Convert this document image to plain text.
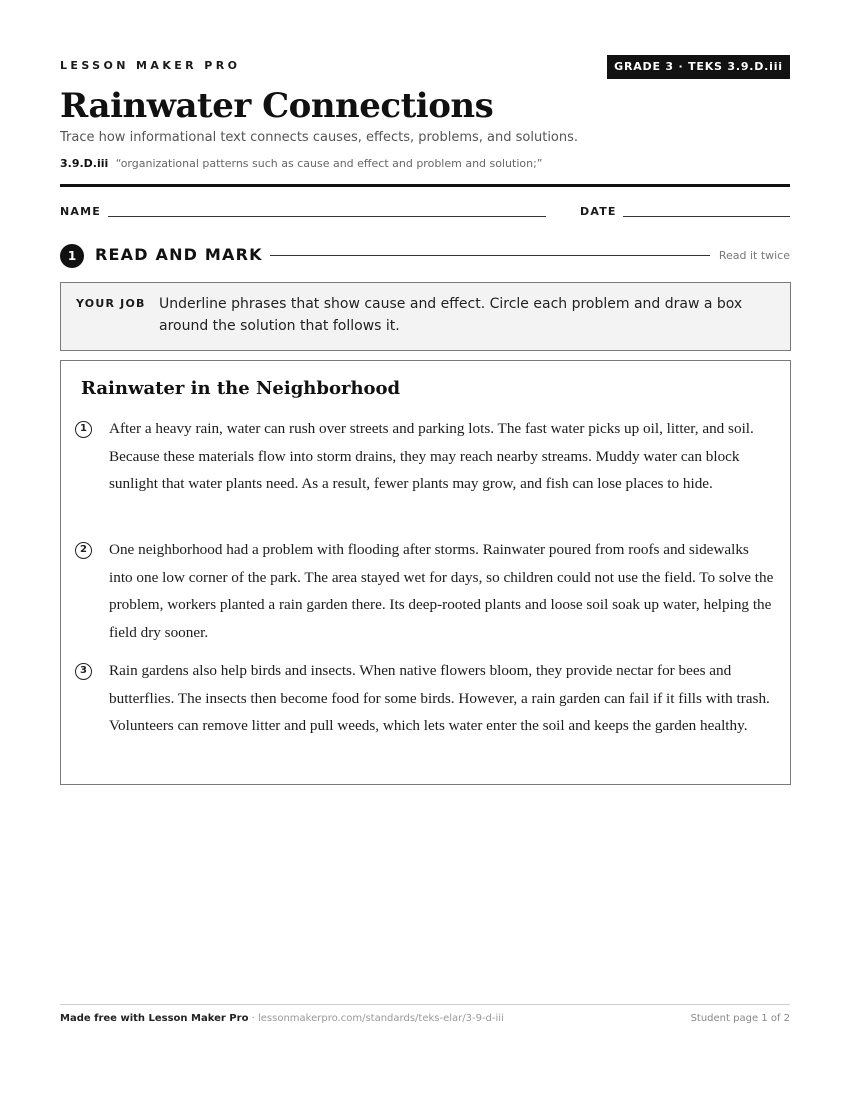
LESSON MAKER PRO	GRADE 3 · TEKS 3.9.D.iii
Rainwater Connections
Trace how informational text connects causes, effects, problems, and solutions.
3.9.D.iii “organizational patterns such as cause and effect and problem and solution;”
NAME	DATE
1	READ AND MARK	Read it twice
YOUR JOB Underline phrases that show cause and effect. Circle each problem and draw a box around the solution that follows it.
Rainwater in the Neighborhood
1	After a heavy rain, water can rush over streets and parking lots. The fast water picks up oil, litter, and soil. Because these materials flow into storm drains, they may reach nearby streams. Muddy water can block sunlight that water plants need. As a result, fewer plants may grow, and fish can lose places to hide.

2	One neighborhood had a problem with flooding after storms. Rainwater poured from roofs and sidewalks into one low corner of the park. The area stayed wet for days, so children could not use the field. To solve the problem, workers planted a rain garden there. Its deep-rooted plants and loose soil soak up water, helping the field dry sooner.

3	Rain gardens also help birds and insects. When native flowers bloom, they provide nectar for bees and butterflies. The insects then become food for some birds. However, a rain garden can fail if it fills with trash. Volunteers can remove litter and pull weeds, which lets water enter the soil and keeps the garden healthy.

Made free with Lesson Maker Pro · lessonmakerpro.com/standards/teks-elar/3-9-d-iii	Student page 1 of 2
